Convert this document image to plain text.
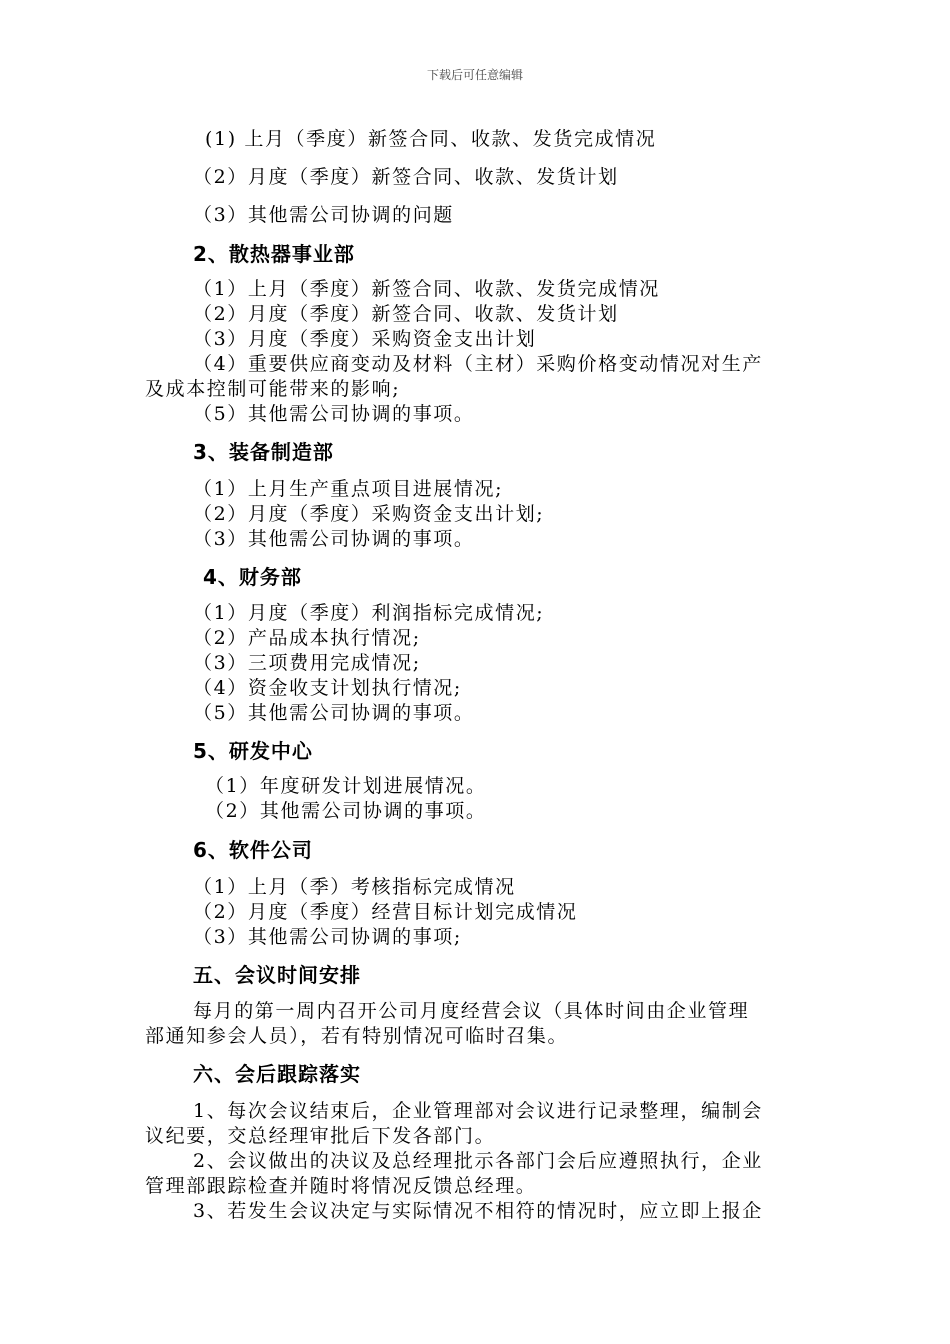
下载后可任意编辑
(1) 上月（季度）新签合同、收款、发货完成情况
（2）月度（季度）新签合同、收款、发货计划
（3）其他需公司协调的问题
2、散热器事业部
（1）上月（季度）新签合同、收款、发货完成情况
（2）月度（季度）新签合同、收款、发货计划
（3）月度（季度）采购资金支出计划
（4）重要供应商变动及材料（主材）采购价格变动情况对生产
及成本控制可能带来的影响;
（5）其他需公司协调的事项。
3、装备制造部
（1）上月生产重点项目进展情况;
（2）月度（季度）采购资金支出计划;
（3）其他需公司协调的事项。
4、财务部
（1）月度（季度）利润指标完成情况;
（2）产品成本执行情况;
（3）三项费用完成情况;
（4）资金收支计划执行情况;
（5）其他需公司协调的事项。
5、研发中心
（1）年度研发计划进展情况。
（2）其他需公司协调的事项。
6、软件公司
（1）上月（季）考核指标完成情况
（2）月度（季度）经营目标计划完成情况
（3）其他需公司协调的事项;
五、会议时间安排
每月的第一周内召开公司月度经营会议（具体时间由企业管理
部通知参会人员），若有特别情况可临时召集。
六、会后跟踪落实
1、每次会议结束后，企业管理部对会议进行记录整理，编制会
议纪要，交总经理审批后下发各部门。
2、会议做出的决议及总经理批示各部门会后应遵照执行，企业
管理部跟踪检查并随时将情况反馈总经理。
3、若发生会议决定与实际情况不相符的情况时，应立即上报企
